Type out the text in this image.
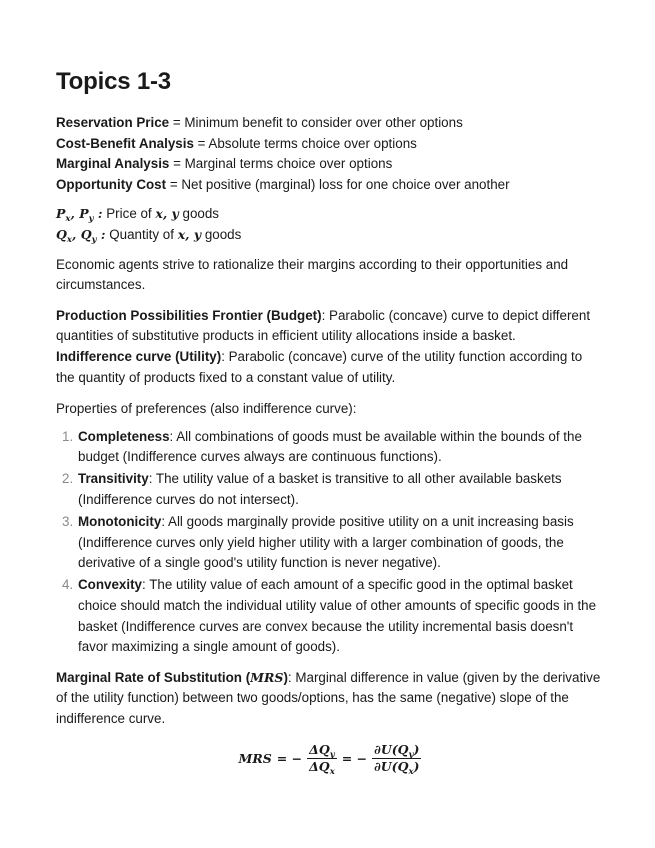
Topics 1-3

Reservation Price = Minimum benefit to consider over other options

Cost-Benefit Analysis = Absolute terms choice over options

Marginal Analysis = Marginal terms choice over options

Opportunity Cost = Net positive (marginal) loss for one choice over another

$P_x$, $P_y$ : Price of x, y goods

$Q_x$, $Q_y$ : Quantity of x, y goods

Economic agents strive to rationalize their margins according to their opportunities and circumstances.

Production Possibilities Frontier (Budget): Parabolic (concave) curve to depict different quantities of substitutive products in efficient utility allocations inside a basket.

Indifference curve (Utility): Parabolic (concave) curve of the utility function according to the quantity of products fixed to a constant value of utility.

Properties of preferences (also indifference curve):

1. Completeness: All combinations of goods must be available within the bounds of the budget (Indifference curves always are continuous functions).
2. Transitivity: The utility value of a basket is transitive to all other available baskets (Indifference curves do not intersect).
3. Monotonicity: All goods marginally provide positive utility on a unit increasing basis (Indifference curves only yield higher utility with a larger combination of goods, the derivative of a single good's utility function is never negative).
4. Convexity: The utility value of each amount of a specific good in the optimal basket choice should match the individual utility value of other amounts of specific goods in the basket (Indifference curves are convex because the utility incremental basis doesn't favor maximizing a single amount of goods).

Marginal Rate of Substitution (MRS): Marginal difference in value (given by the derivative of the utility function) between two goods/options, has the same (negative) slope of the indifference curve.

MRS = − $\frac{\Delta Q_y}{\Delta Q_x}$ = − $\frac{\partial U(Q_y)}{\partial U(Q_x)}$
